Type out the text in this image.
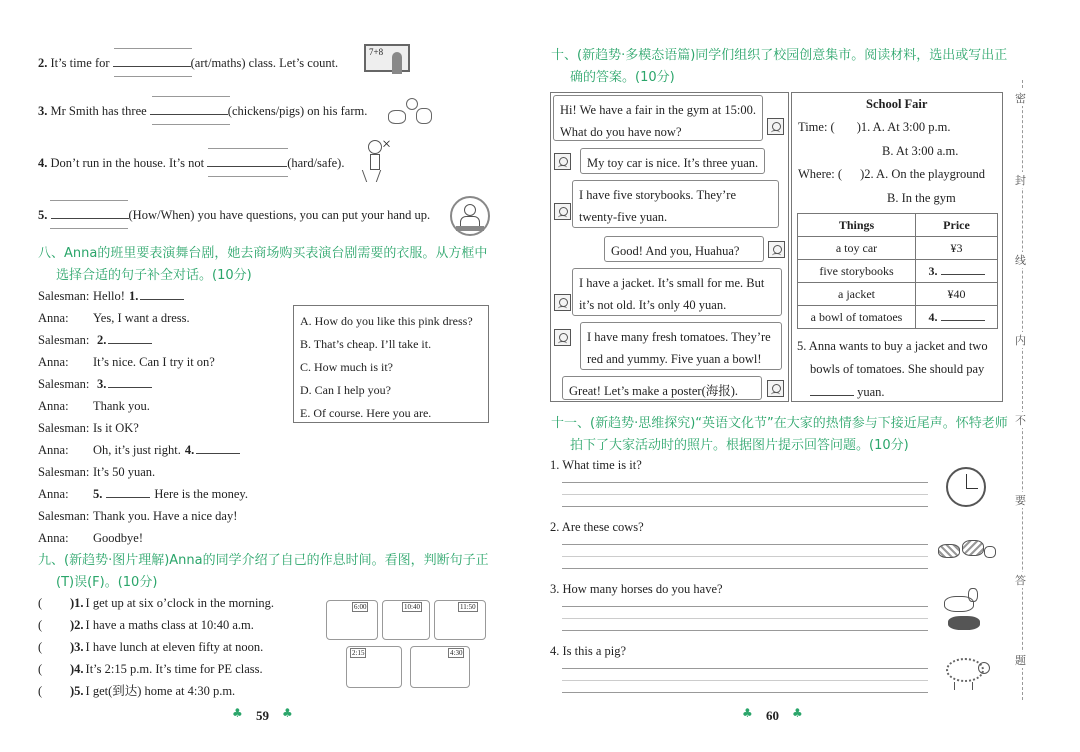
2. It’s time for	(art/maths) class. Let’s count.
7+8
3. Mr Smith has three	(chickens/pigs) on his farm.
4. Don’t run in the house. It’s not	(hard/safe).
×
5.	(How/When) you have questions, you can put your hand up.
八、Anna的班里要表演舞台剧，她去商场购买表演台剧需要的衣服。从方框中
选择合适的句子补全对话。(10分)
Salesman: Hello! 1.
Anna: Yes, I want a dress.
Salesman: 2.
Anna: It’s nice. Can I try it on?
Salesman: 3.
Anna: Thank you.
Salesman: Is it OK?
Anna: Oh, it’s just right. 4.
Salesman: It’s 50 yuan.
Anna: 5.	Here is the money.
Salesman: Thank you. Have a nice day!
Anna: Goodbye!
A. How do you like this pink dress?
B. That’s cheap. I’ll take it.
C. How much is it?
D. Can I help you?
E. Of course. Here you are.
九、(新趋势·图片理解)Anna的同学介绍了自己的作息时间。看图，判断句子正
(T)误(F)。(10分)
( )1. I get up at six o’clock in the morning.
( )2. I have a maths class at 10:40 a.m.
( )3. I have lunch at eleven fifty at noon.
( )4. It’s 2:15 p.m. It’s time for PE class.
( )5. I get(到达) home at 4:30 p.m.
6:00	10:40	11:50
2:15	4:30
♣ 59 ♣
十、(新趋势·多模态语篇)同学们组织了校园创意集市。阅读材料，选出或写出正
确的答案。(10分)
Hi! We have a fair in the gym at 15:00. What do you have now?
My toy car is nice. It’s three yuan.
I have five storybooks. They’re twenty-five yuan.
Good! And you, Huahua?
I have a jacket. It’s small for me. But it’s not old. It’s only 40 yuan.
I have many fresh tomatoes. They’re red and yummy. Five yuan a bowl!
Great! Let’s make a poster(海报).
School Fair
Time: ( )1. A. At 3:00 p.m.
B. At 3:00 a.m.
Where: ( )2. A. On the playground
B. In the gym
Things	Price
a toy car	¥3
five storybooks	3.
a jacket	¥40
a bowl of tomatoes	4.
5. Anna wants to buy a jacket and two
bowls of tomatoes. She should pay
yuan.
十一、(新趋势·思维探究)“英语文化节”在大家的热情参与下接近尾声。怀特老师
拍下了大家活动时的照片。根据图片提示回答问题。(10分)
1. What time is it?
2. Are these cows?
3. How many horses do you have?
4. Is this a pig?
♣ 60 ♣
密
封
线
内
不
要
答
题
